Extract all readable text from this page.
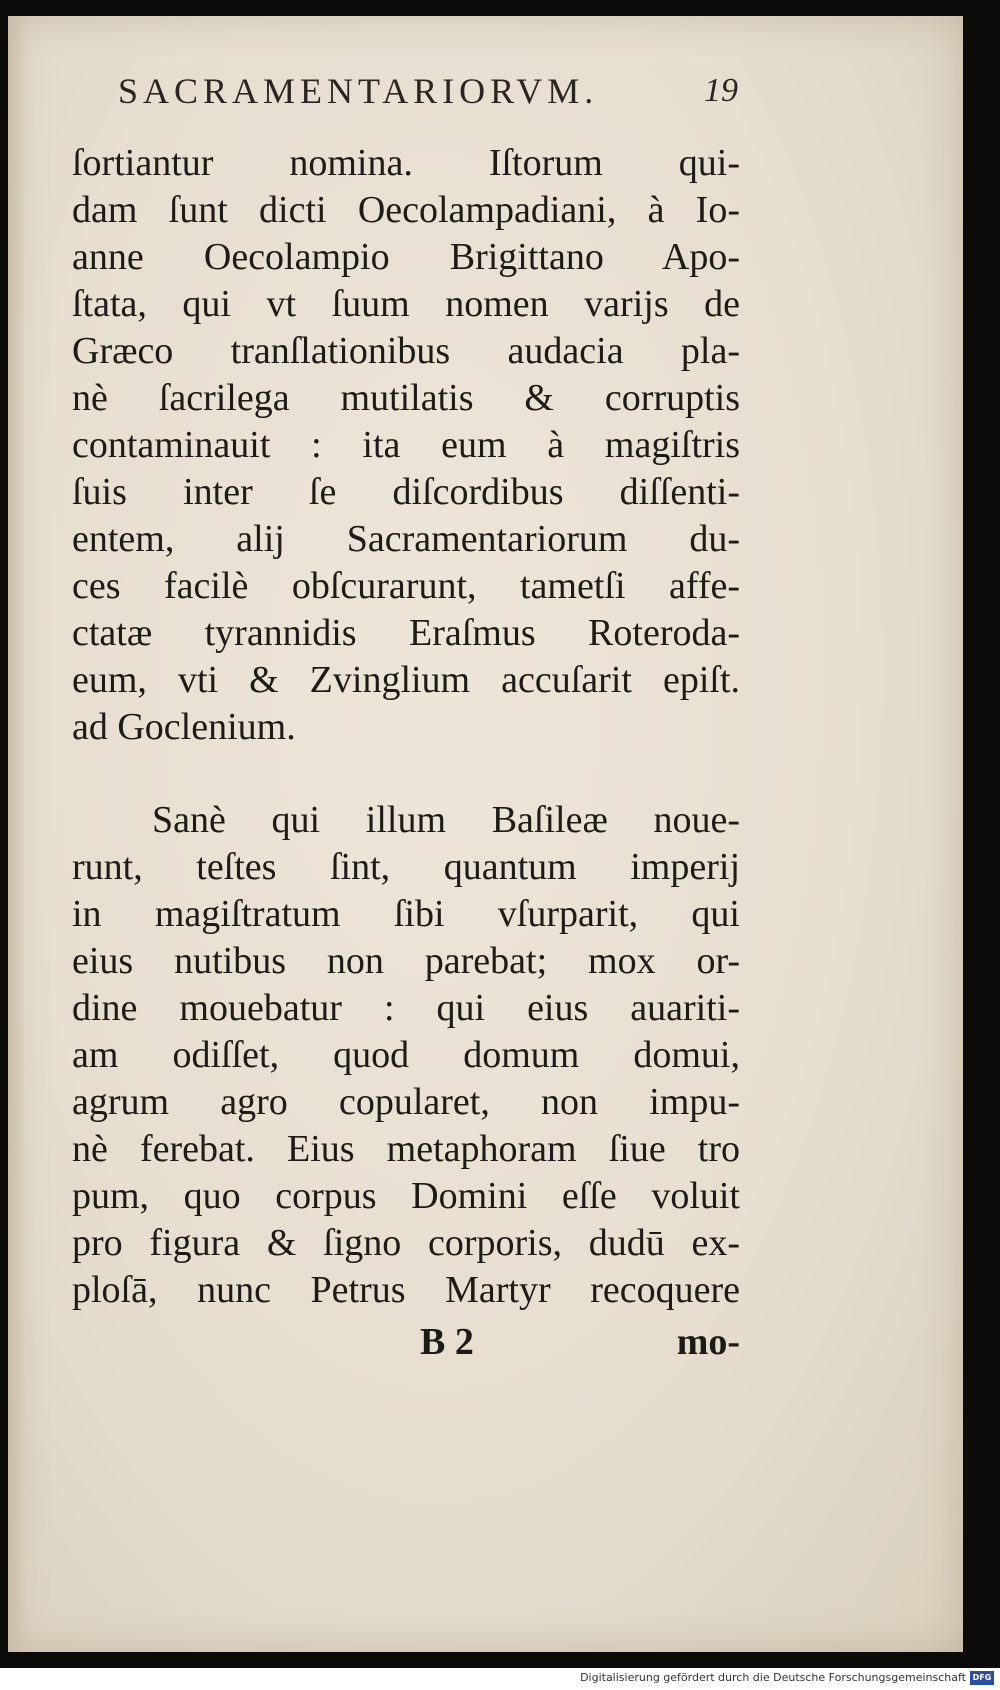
SACRAMENTARIORVM.	19
ſortiantur nomina. Iſtorum qui-
dam ſunt dicti Oecolampadiani, à Io-
anne Oecolampio Brigittano Apo-
ſtata, qui vt ſuum nomen varijs de
Græco tranſlationibus audacia pla-
nè ſacrilega mutilatis & corruptis
contaminauit : ita eum à magiſtris
ſuis inter ſe diſcordibus diſſenti-
entem, alij Sacramentariorum du-
ces facilè obſcurarunt, tametſi affe-
ctatæ tyrannidis Eraſmus Roteroda-
eum, vti & Zvinglium accuſarit epiſt.
ad Goclenium.
Sanè qui illum Baſileæ noue-
runt, teſtes ſint, quantum imperij
in magiſtratum ſibi vſurparit, qui
eius nutibus non parebat; mox or-
dine mouebatur : qui eius auariti-
am odiſſet, quod domum domui,
agrum agro copularet, non impu-
nè ferebat. Eius metaphoram ſiue tro
pum, quo corpus Domini eſſe voluit
pro figura & ſigno corporis, dudū ex-
ploſā, nunc Petrus Martyr recoquere
B 2	mo-
Digitalisierung gefördert durch die Deutsche Forschungsgemeinschaft DFG
